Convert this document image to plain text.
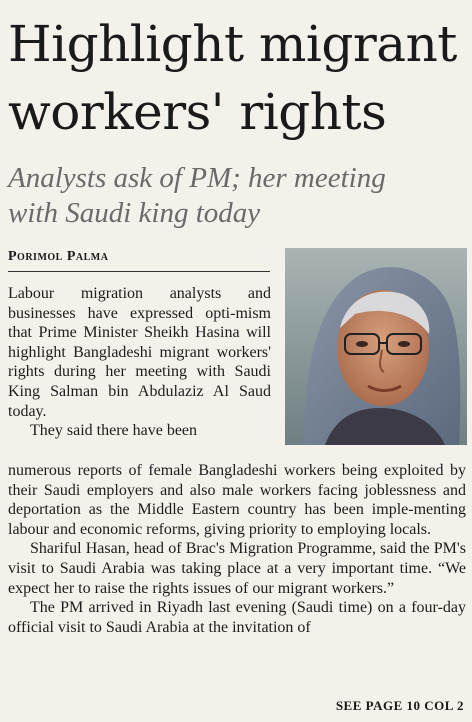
Highlight migrant
workers' rights
Analysts ask of PM; her meeting
with Saudi king today
Porimol Palma

Labour migration analysts and businesses have expressed opti-mism that Prime Minister Sheikh Hasina will highlight Bangladeshi migrant workers' rights during her meeting with Saudi King Salman bin Abdulaziz Al Saud today.

They said there have been

numerous reports of female Bangladeshi workers being exploited by their Saudi employers and also male workers facing joblessness and deportation as the Middle Eastern country has been imple-menting labour and economic reforms, giving priority to employing locals.

Shariful Hasan, head of Brac's Migration Programme, said the PM's visit to Saudi Arabia was taking place at a very important time. “We expect her to raise the rights issues of our migrant workers.”

The PM arrived in Riyadh last evening (Saudi time) on a four-day official visit to Saudi Arabia at the invitation of

SEE PAGE 10 COL 2
